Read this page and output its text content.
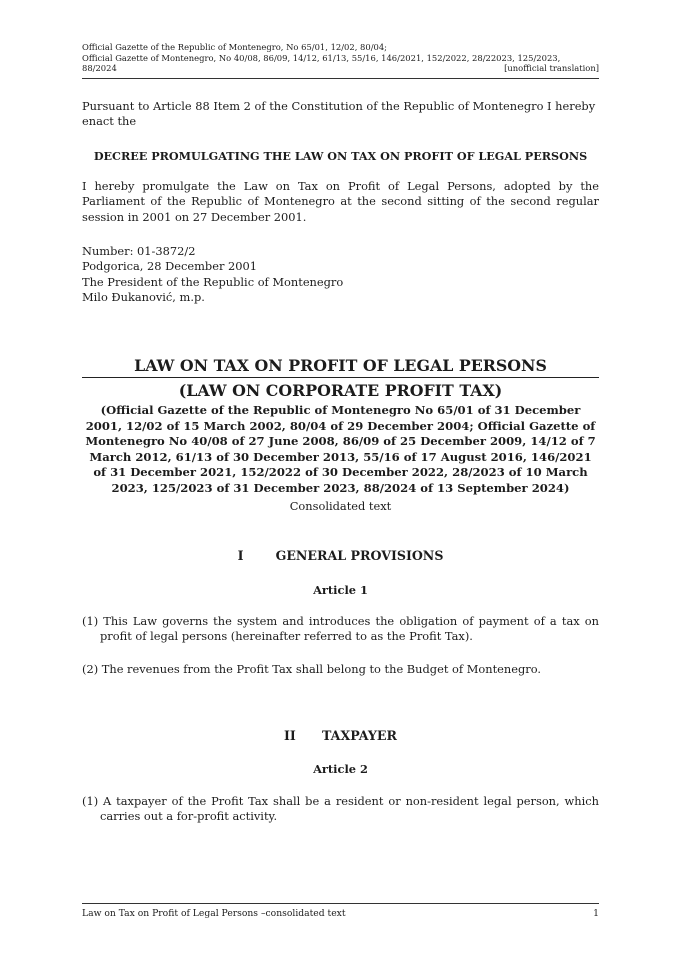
Official Gazette of the Republic of Montenegro, No 65/01, 12/02, 80/04;
Official Gazette of Montenegro, No 40/08, 86/09, 14/12, 61/13, 55/16, 146/2021, 152/2022, 28/22023, 125/2023,
88/2024	[unofficial translation]

Pursuant to Article 88 Item 2 of the Constitution of the Republic of Montenegro I hereby enact the

DECREE PROMULGATING THE LAW ON TAX ON PROFIT OF LEGAL PERSONS

I hereby promulgate the Law on Tax on Profit of Legal Persons, adopted by the Parliament of the Republic of Montenegro at the second sitting of the second regular session in 2001 on 27 December 2001.

Number: 01-3872/2
Podgorica, 28 December 2001
The President of the Republic of Montenegro
Milo Đukanović, m.p.
LAW ON TAX ON PROFIT OF LEGAL PERSONS
(LAW ON CORPORATE PROFIT TAX)

(Official Gazette of the Republic of Montenegro No 65/01 of 31 December 2001, 12/02 of 15 March 2002, 80/04 of 29 December 2004; Official Gazette of Montenegro No 40/08 of 27 June 2008, 86/09 of 25 December 2009, 14/12 of 7 March 2012, 61/13 of 30 December 2013, 55/16 of 17 August 2016, 146/2021 of 31 December 2021, 152/2022 of 30 December 2022, 28/2023 of 10 March 2023, 125/2023 of 31 December 2023, 88/2024 of 13 September 2024)

Consolidated text

I	GENERAL PROVISIONS
Article 1

(1) This Law governs the system and introduces the obligation of payment of a tax on profit of legal persons (hereinafter referred to as the Profit Tax).

(2) The revenues from the Profit Tax shall belong to the Budget of Montenegro.

II TAXPAYER
Article 2

(1) A taxpayer of the Profit Tax shall be a resident or non-resident legal person, which carries out a for-profit activity.

Law on Tax on Profit of Legal Persons –consolidated text	1
